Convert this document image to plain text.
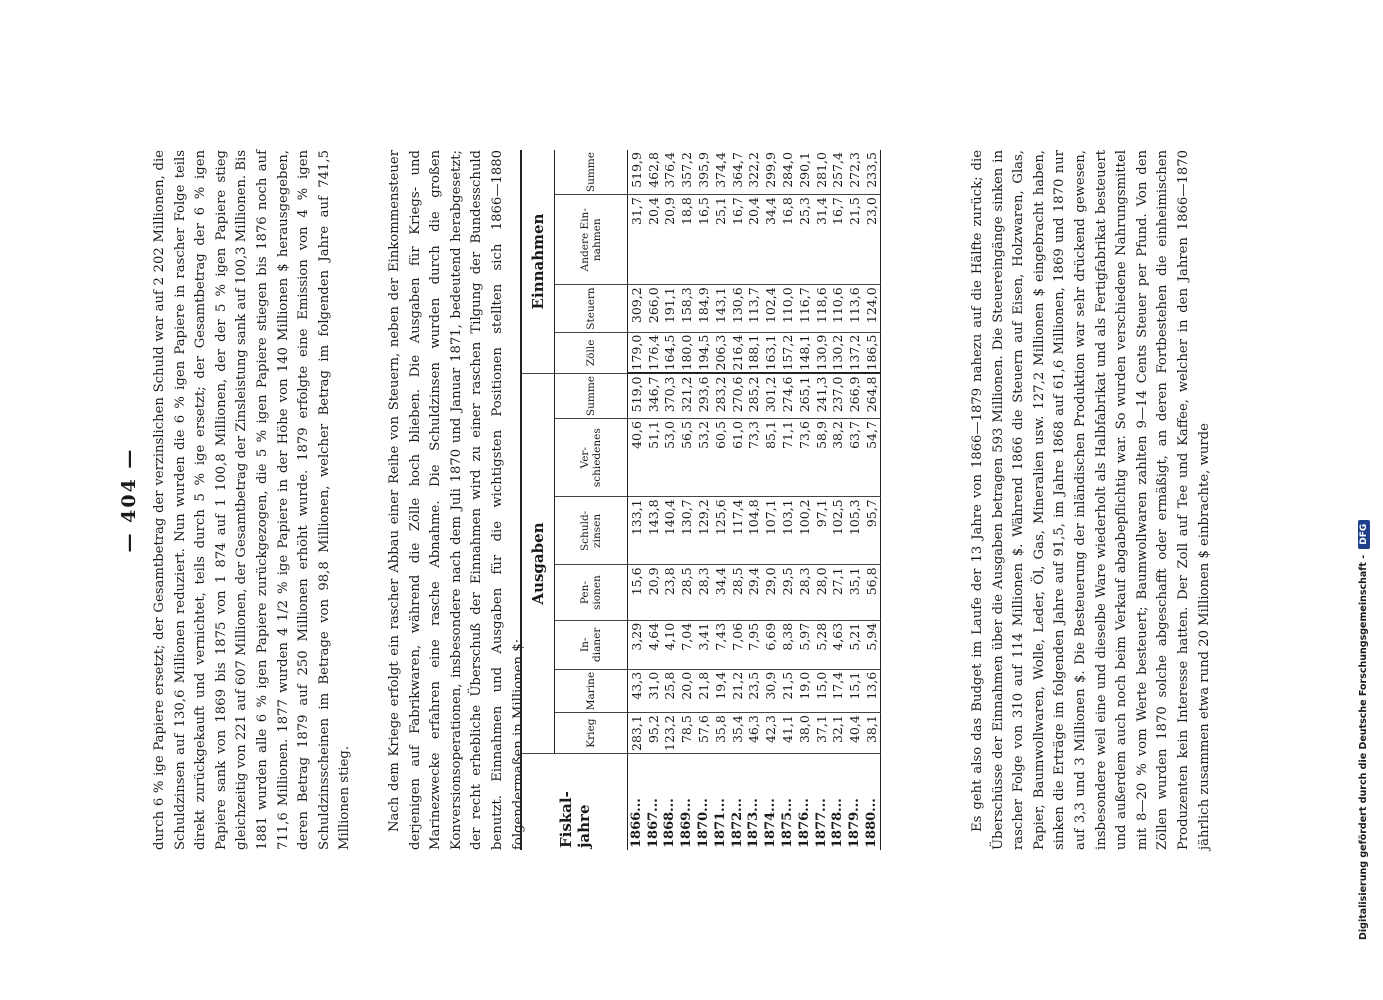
— 404 — durch 6 % ige Papiere ersetzt; der Gesamtbetrag der verzinslichen Schuld war auf 2 202 Millionen, die Schuldzinsen auf 130,6 Millionen reduziert. Nun wurden die 6 % igen Papiere in rascher Folge teils direkt zurückgekauft und vernichtet, teils durch 5 % ige ersetzt; der Gesamtbetrag der 6 % igen Papiere sank von 1869 bis 1875 von 1 874 auf 1 100,8 Millionen, der der 5 % igen Papiere stieg gleichzeitig von 221 auf 607 Millionen, der Gesamtbetrag der Zinsleistung sank auf 100,3 Millionen. Bis 1881 wurden alle 6 % igen Papiere zurückgezogen, die 5 % igen Papiere stiegen bis 1876 noch auf 711,6 Millionen. 1877 wurden 4 1/2 % ige Papiere in der Höhe von 140 Millionen $ herausgegeben, deren Betrag 1879 auf 250 Millionen erhöht wurde. 1879 erfolgte eine Emission von 4 % igen Schuldzinsscheinen im Betrage von 98,8 Millionen, welcher Betrag im folgenden Jahre auf 741,5 Millionen stieg.	Nach dem Kriege erfolgt ein rascher Abbau einer Reihe von Steuern, neben der Einkommensteuer derjenigen auf Fabrikwaren, während die Zölle hoch blieben. Die Ausgaben für Kriegs- und Marinezwecke erfahren eine rasche Abnahme. Die Schuldzinsen wurden durch die großen Konversionsoperationen, insbesondere nach dem Juli 1870 und Januar 1871, bedeutend herabgesetzt; der recht erhebliche Überschuß der Einnahmen wird zu einer raschen Tilgung der Bundesschuld benutzt. Einnahmen und Ausgaben für die wichtigsten Positionen stellten sich 1866—1880 folgendermaßen in Millionen $: Fiskal-jahre	Ausgaben							Einnahmen			
	Krieg	Marine	In-dianer	Pen-sionen	Schuld-zinsen	Ver-schiedenes	Summe	Zölle	Steuern	Andere Ein-nahmen	Summe
1866...	283,1	43,3	3,29	15,6	133,1	40,6	519,0	179,0	309,2	31,7	519,9
1867...	95,2	31,0	4,64	20,9	143,8	51,1	346,7	176,4	266,0	20,4	462,8
1868...	123,2	25,8	4,10	23,8	140,4	53,0	370,3	164,5	191,1	20,9	376,4
1869...	78,5	20,0	7,04	28,5	130,7	56,5	321,2	180,0	158,3	18,8	357,2
1870...	57,6	21,8	3,41	28,3	129,2	53,2	293,6	194,5	184,9	16,5	395,9
1871...	35,8	19,4	7,43	34,4	125,6	60,5	283,2	206,3	143,1	25,1	374,4
1872...	35,4	21,2	7,06	28,5	117,4	61,0	270,6	216,4	130,6	16,7	364,7
1873...	46,3	23,5	7,95	29,4	104,8	73,3	285,2	188,1	113,7	20,4	322,2
1874...	42,3	30,9	6,69	29,0	107,1	85,1	301,2	163,1	102,4	34,4	299,9
1875...	41,1	21,5	8,38	29,5	103,1	71,1	274,6	157,2	110,0	16,8	284,0
1876...	38,0	19,0	5,97	28,3	100,2	73,6	265,1	148,1	116,7	25,3	290,1
1877...	37,1	15,0	5,28	28,0	97,1	58,9	241,3	130,9	118,6	31,4	281,0
1878...	32,1	17,4	4,63	27,1	102,5	38,2	237,0	130,2	110,6	16,7	257,4
1879...	40,4	15,1	5,21	35,1	105,3	63,7	266,9	137,2	113,6	21,5	272,3
1880...	38,1	13,6	5,94	56,8	95,7	54,7	264,8	186,5	124,0	23,0	233,5	Es geht also das Budget im Laufe der 13 Jahre von 1866—1879 nahezu auf die Hälfte zurück; die Überschüsse der Einnahmen über die Ausgaben betragen 593 Millionen. Die Steuereingänge sinken in rascher Folge von 310 auf 114 Millionen $. Während 1866 die Steuern auf Eisen, Holzwaren, Glas, Papier, Baumwollwaren, Wolle, Leder, Öl, Gas, Mineralien usw. 127,2 Millionen $ eingebracht haben, sinken die Erträge im folgenden Jahre auf 91,5, im Jahre 1868 auf 61,6 Millionen, 1869 und 1870 nur auf 3,3 und 3 Millionen $. Die Besteuerung der inländischen Produktion war sehr drückend gewesen, insbesondere weil eine und dieselbe Ware wiederholt als Halbfabrikat und als Fertigfabrikat besteuert und außerdem auch noch beim Verkauf abgabepflichtig war. So wurden verschiedene Nahrungsmittel mit 8—20 % vom Werte besteuert; Baumwollwaren zahlten 9—14 Cents Steuer per Pfund. Von den Zöllen wurden 1870 solche abgeschafft oder ermäßigt, an deren Fortbestehen die einheimischen Produzenten kein Interesse hatten. Der Zoll auf Tee und Kaffee, welcher in den Jahren 1866—1870 jährlich zusammen etwa rund 20 Millionen $ einbrachte, wurde	Digitalisierung gefördert durch die Deutsche Forschungsgemeinschaft -DFG
